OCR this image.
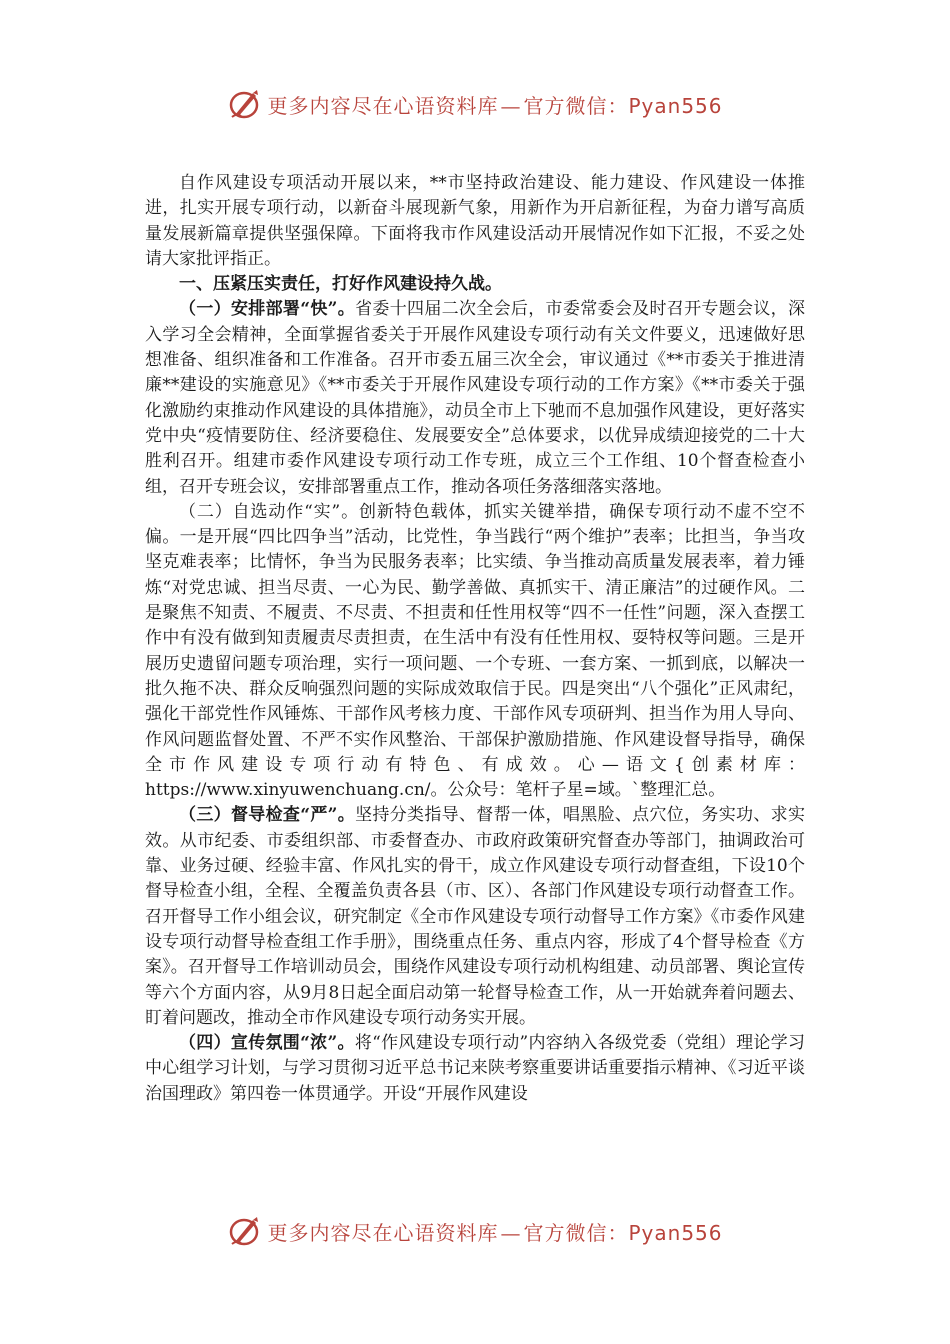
更多内容尽在心语资料库 — 官方微信：Pyan556

自作风建设专项活动开展以来，**市坚持政治建设、能力建设、作风建设一体推进，扎实开展专项行动，以新奋斗展现新气象，用新作为开启新征程，为奋力谱写高质量发展新篇章提供坚强保障。下面将我市作风建设活动开展情况作如下汇报，不妥之处请大家批评指正。

一、压紧压实责任，打好作风建设持久战。

（一）安排部署“快”。省委十四届二次全会后，市委常委会及时召开专题会议，深入学习全会精神，全面掌握省委关于开展作风建设专项行动有关文件要义，迅速做好思想准备、组织准备和工作准备。召开市委五届三次全会，审议通过《**市委关于推进清廉**建设的实施意见》《**市委关于开展作风建设专项行动的工作方案》《**市委关于强化激励约束推动作风建设的具体措施》，动员全市上下驰而不息加强作风建设，更好落实党中央“疫情要防住、经济要稳住、发展要安全”总体要求，以优异成绩迎接党的二十大胜利召开。组建市委作风建设专项行动工作专班，成立三个工作组、10个督查检查小组，召开专班会议，安排部署重点工作，推动各项任务落细落实落地。

（二）自选动作“实”。创新特色载体，抓实关键举措，确保专项行动不虚不空不偏。一是开展“四比四争当”活动，比党性，争当践行“两个维护”表率；比担当，争当攻坚克难表率；比情怀，争当为民服务表率；比实绩、争当推动高质量发展表率，着力锤炼“对党忠诚、担当尽责、一心为民、勤学善做、真抓实干、清正廉洁”的过硬作风。二是聚焦不知责、不履责、不尽责、不担责和任性用权等“四不一任性”问题，深入查摆工作中有没有做到知责履责尽责担责，在生活中有没有任性用权、耍特权等问题。三是开展历史遗留问题专项治理，实行一项问题、一个专班、一套方案、一抓到底，以解决一批久拖不决、群众反响强烈问题的实际成效取信于民。四是突出“八个强化”正风肃纪，强化干部党性作风锤炼、干部作风考核力度、干部作风专项研判、担当作为用人导向、作风问题监督处置、不严不实作风整治、干部保护激励措施、作风建设督导指导，确保全市作风建设专项行动有特色、有成效。心—语文{创素材库：https://www.xinyuwenchuang.cn/。公众号：笔杆子星=域。`整理汇总。

（三）督导检查“严”。坚持分类指导、督帮一体，唱黑脸、点穴位，务实功、求实效。从市纪委、市委组织部、市委督查办、市政府政策研究督查办等部门，抽调政治可靠、业务过硬、经验丰富、作风扎实的骨干，成立作风建设专项行动督查组，下设10个督导检查小组，全程、全覆盖负责各县（市、区）、各部门作风建设专项行动督查工作。召开督导工作小组会议，研究制定《全市作风建设专项行动督导工作方案》《市委作风建设专项行动督导检查组工作手册》，围绕重点任务、重点内容，形成了4个督导检查《方案》。召开督导工作培训动员会，围绕作风建设专项行动机构组建、动员部署、舆论宣传等六个方面内容，从9月8日起全面启动第一轮督导检查工作，从一开始就奔着问题去、盯着问题改，推动全市作风建设专项行动务实开展。

（四）宣传氛围“浓”。将“作风建设专项行动”内容纳入各级党委（党组）理论学习中心组学习计划，与学习贯彻习近平总书记来陕考察重要讲话重要指示精神、《习近平谈治国理政》第四卷一体贯通学。开设“开展作风建设

更多内容尽在心语资料库 — 官方微信：Pyan556
